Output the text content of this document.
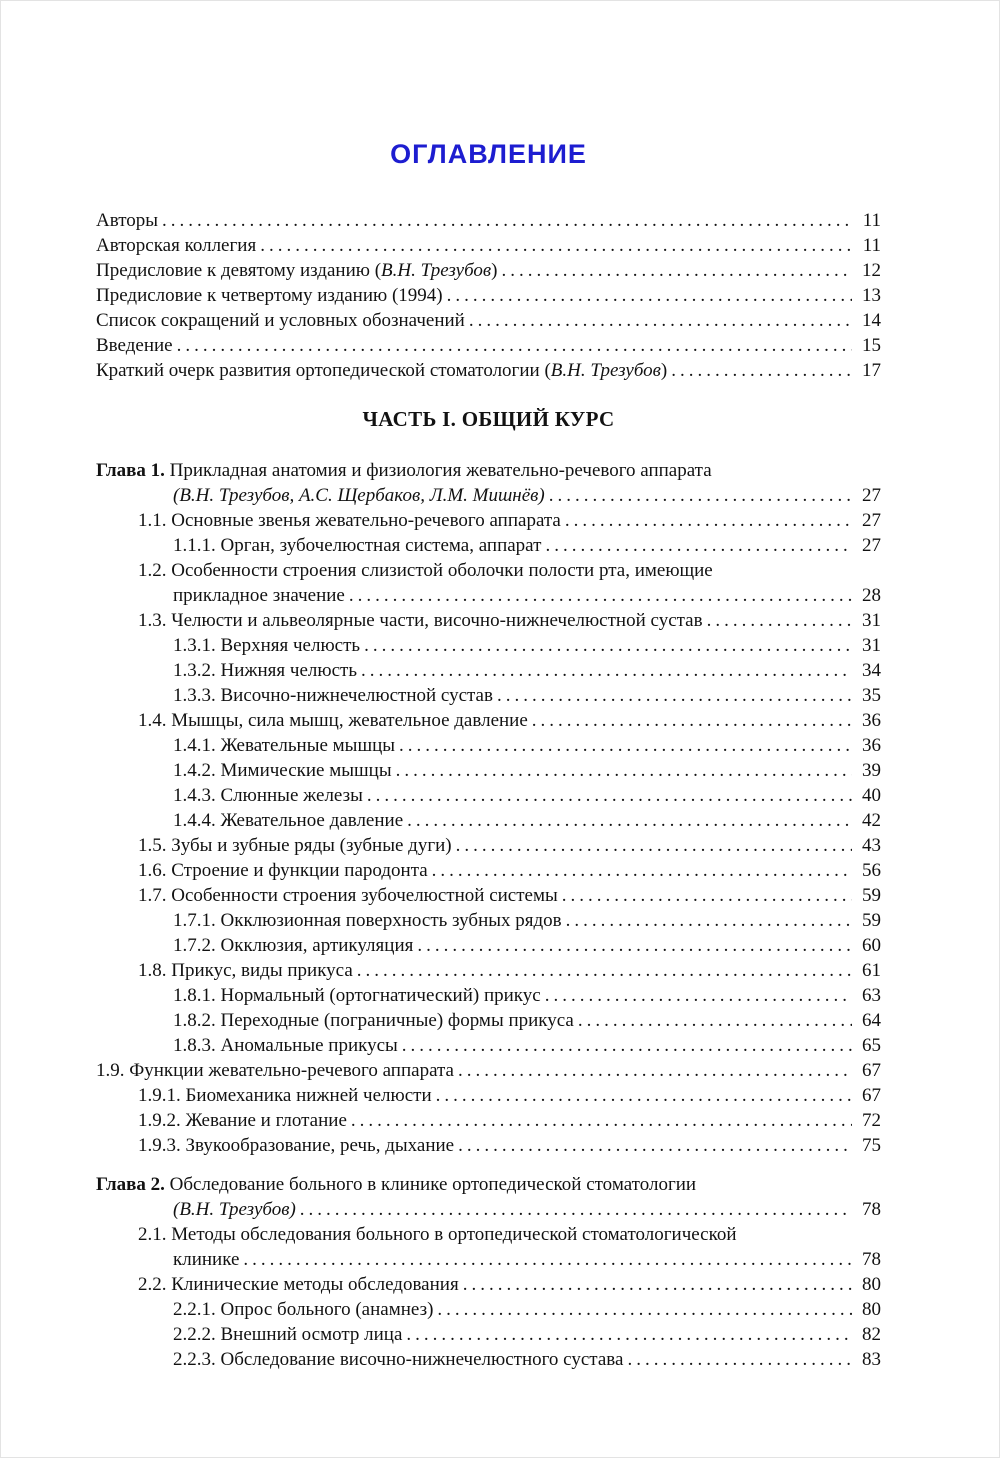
ОГЛАВЛЕНИЕ
Авторы .....	11
Авторская коллегия .....	11
Предисловие к девятому изданию (В.Н. Трезубов) .....	12
Предисловие к четвертому изданию (1994) .....	13
Список сокращений и условных обозначений .....	14
Введение .....	15
Краткий очерк развития ортопедической стоматологии (В.Н. Трезубов) .....	17
ЧАСТЬ I. ОБЩИЙ КУРС
Глава 1. Прикладная анатомия и физиология жевательно-речевого аппарата
(В.Н. Трезубов, А.С. Щербаков, Л.М. Мишнёв) .....	27
1.1. Основные звенья жевательно-речевого аппарата .....	27
1.1.1. Орган, зубочелюстная система, аппарат .....	27
1.2. Особенности строения слизистой оболочки полости рта, имеющие
прикладное значение .....	28
1.3. Челюсти и альвеолярные части, височно-нижнечелюстной сустав .....	31
1.3.1. Верхняя челюсть .....	31
1.3.2. Нижняя челюсть .....	34
1.3.3. Височно-нижнечелюстной сустав .....	35
1.4. Мышцы, сила мышц, жевательное давление .....	36
1.4.1. Жевательные мышцы .....	36
1.4.2. Мимические мышцы .....	39
1.4.3. Слюнные железы .....	40
1.4.4. Жевательное давление .....	42
1.5. Зубы и зубные ряды (зубные дуги) .....	43
1.6. Строение и функции пародонта .....	56
1.7. Особенности строения зубочелюстной системы .....	59
1.7.1. Окклюзионная поверхность зубных рядов .....	59
1.7.2. Окклюзия, артикуляция .....	60
1.8. Прикус, виды прикуса .....	61
1.8.1. Нормальный (ортогнатический) прикус .....	63
1.8.2. Переходные (пограничные) формы прикуса .....	64
1.8.3. Аномальные прикусы .....	65
1.9. Функции жевательно-речевого аппарата .....	67
1.9.1. Биомеханика нижней челюсти .....	67
1.9.2. Жевание и глотание .....	72
1.9.3. Звукообразование, речь, дыхание .....	75
Глава 2. Обследование больного в клинике ортопедической стоматологии
(В.Н. Трезубов) .....	78
2.1. Методы обследования больного в ортопедической стоматологической
клинике .....	78
2.2. Клинические методы обследования .....	80
2.2.1. Опрос больного (анамнез) .....	80
2.2.2. Внешний осмотр лица .....	82
2.2.3. Обследование височно-нижнечелюстного сустава .....	83
